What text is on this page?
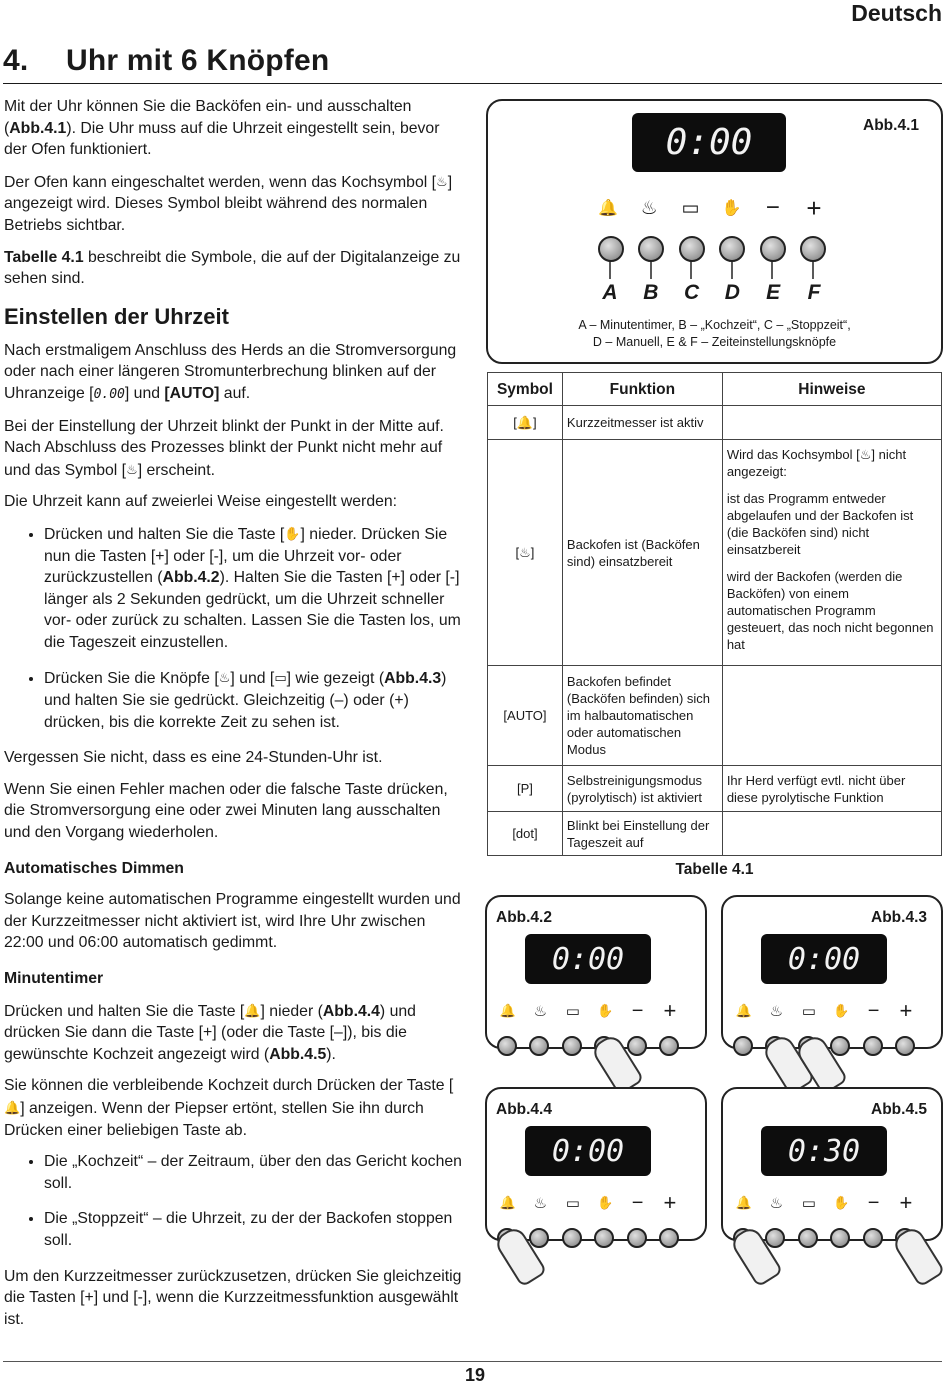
Deutsch
4. Uhr mit 6 Knöpfen

Mit der Uhr können Sie die Backöfen ein- und ausschalten (Abb.4.1). Die Uhr muss auf die Uhrzeit eingestellt sein, bevor der Ofen funktioniert.

Der Ofen kann eingeschaltet werden, wenn das Kochsymbol [♨] angezeigt wird. Dieses Symbol bleibt während des normalen Betriebs sichtbar.

Tabelle 4.1 beschreibt die Symbole, die auf der Digitalanzeige zu sehen sind.

Einstellen der Uhrzeit

Nach erstmaligem Anschluss des Herds an die Stromversorgung oder nach einer längeren Stromunterbrechung blinken auf der Uhranzeige [0.00] und [AUTO] auf.

Bei der Einstellung der Uhrzeit blinkt der Punkt in der Mitte auf. Nach Abschluss des Prozesses blinkt der Punkt nicht mehr auf und das Symbol [♨] erscheint.

Die Uhrzeit kann auf zweierlei Weise eingestellt werden:

• Drücken und halten Sie die Taste [✋] nieder. Drücken Sie nun die Tasten [+] oder [-], um die Uhrzeit vor- oder zurückzustellen (Abb.4.2). Halten Sie die Tasten [+] oder [-] länger als 2 Sekunden gedrückt, um die Uhrzeit schneller vor- oder zurück zu schalten. Lassen Sie die Tasten los, um die Tageszeit einzustellen.
• Drücken Sie die Knöpfe [♨] und [▭] wie gezeigt (Abb.4.3) und halten Sie sie gedrückt. Gleichzeitig (–) oder (+) drücken, bis die korrekte Zeit zu sehen ist.

Vergessen Sie nicht, dass es eine 24-Stunden-Uhr ist.

Wenn Sie einen Fehler machen oder die falsche Taste drücken, die Stromversorgung eine oder zwei Minuten lang ausschalten und den Vorgang wiederholen.

Automatisches Dimmen

Solange keine automatischen Programme eingestellt wurden und der Kurzzeitmesser nicht aktiviert ist, wird Ihre Uhr zwischen 22:00 und 06:00 automatisch gedimmt.

Minutentimer

Drücken und halten Sie die Taste [🔔] nieder (Abb.4.4) und drücken Sie dann die Taste [+] (oder die Taste [–]), bis die gewünschte Kochzeit angezeigt wird (Abb.4.5).

Sie können die verbleibende Kochzeit durch Drücken der Taste [🔔] anzeigen. Wenn der Piepser ertönt, stellen Sie ihn durch Drücken einer beliebigen Taste ab.

• Die „Kochzeit“ – der Zeitraum, über den das Gericht kochen soll.
• Die „Stoppzeit“ – die Uhrzeit, zu der der Backofen stoppen soll.

Um den Kurzzeitmesser zurückzusetzen, drücken Sie gleichzeitig die Tasten [+] und [-], wenn die Kurzzeitmessfunktion ausgewählt ist.

Abb.4.1
0:00
🔔 ♨ ▭ ✋ − +
A B C D E F
A – Minutentimer, B – „Kochzeit“, C – „Stoppzeit“,
D – Manuell, E & F – Zeiteinstellungsknöpfe
Symbol	Funktion	Hinweise
[🔔]	Kurzzeitmesser ist aktiv	
[♨]	Backofen ist (Backöfen sind) einsatzbereit	Wird das Kochsymbol [♨] nicht angezeigt:
ist das Programm entweder abgelaufen und der Backofen ist (die Backöfen sind) nicht einsatzbereit
wird der Backofen (werden die Backöfen) von einem automatischen Programm gesteuert, das noch nicht begonnen hat

[AUTO]	Backofen befindet (Backöfen befinden) sich im halbautomatischen oder automatischen Modus	
[P]	Selbstreinigungsmodus (pyrolytisch) ist aktiviert	Ihr Herd verfügt evtl. nicht über diese pyrolytische Funktion
[dot]	Blinkt bei Einstellung der Tageszeit auf	
Tabelle 4.1
Abb.4.2
0:00
🔔 ♨ ▭	✋ − +
Abb.4.3
0:00
🔔 ♨ ▭	✋ − +
Abb.4.4
0:00
🔔 ♨ ▭	✋ − +
Abb.4.5
0:30
🔔 ♨ ▭	✋ − +
19
